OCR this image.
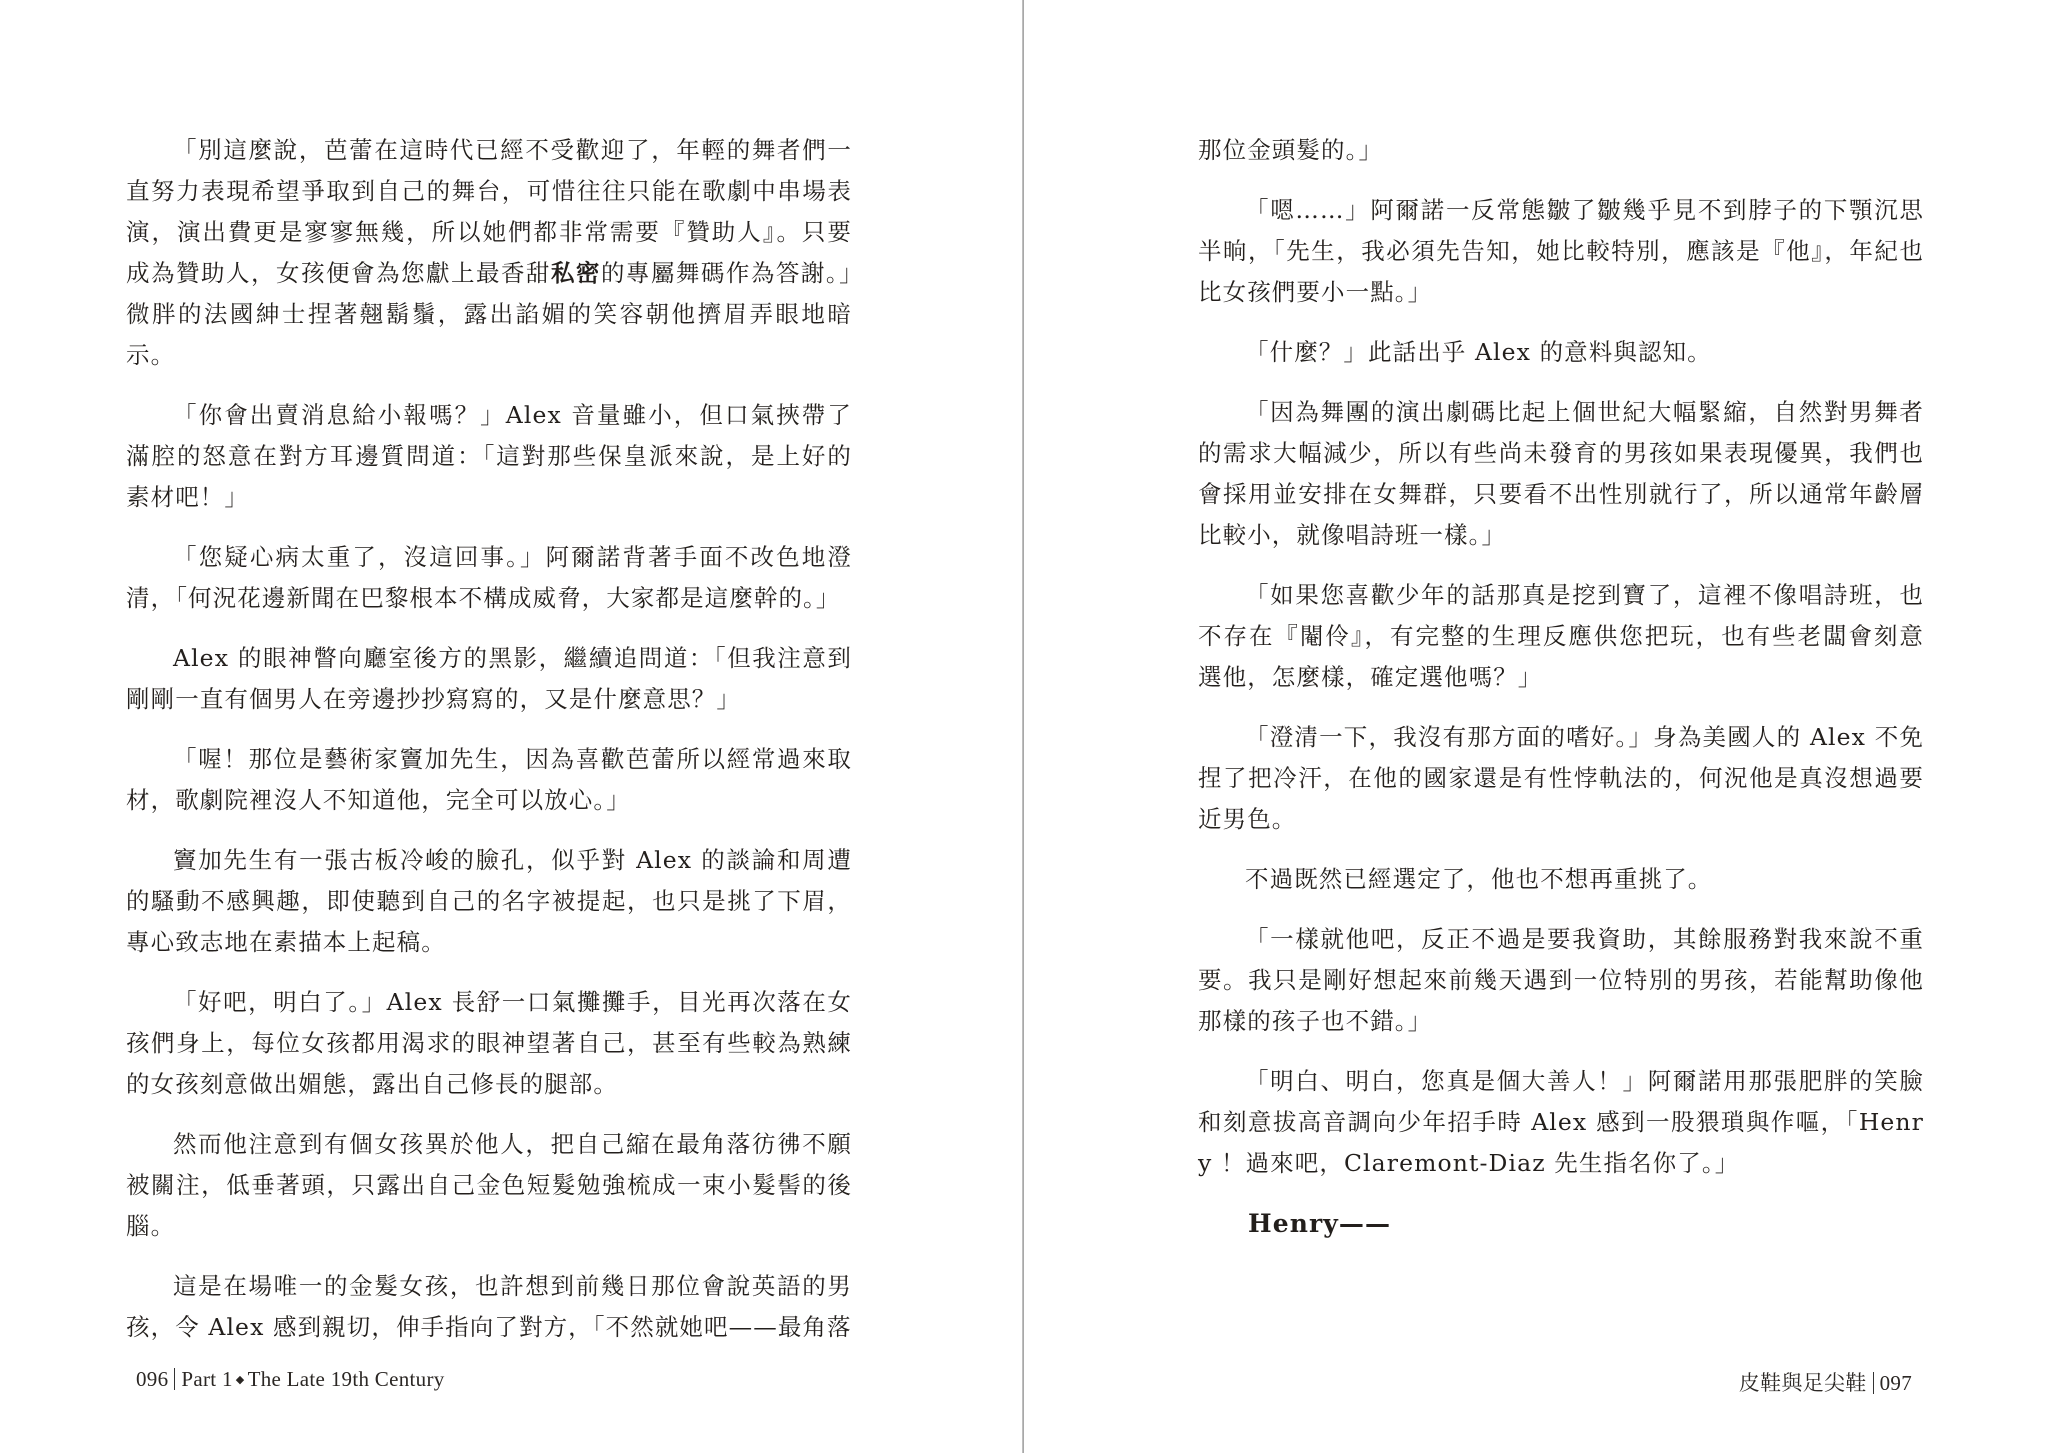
「別這麼說，芭蕾在這時代已經不受歡迎了，年輕的舞者們一直努力表現希望爭取到自己的舞台，可惜往往只能在歌劇中串場表演，演出費更是寥寥無幾，所以她們都非常需要『贊助人』。只要成為贊助人，女孩便會為您獻上最香甜私密的專屬舞碼作為答謝。」微胖的法國紳士捏著翹鬍鬚，露出諂媚的笑容朝他擠眉弄眼地暗示。

「你會出賣消息給小報嗎？」Alex 音量雖小，但口氣挾帶了滿腔的怒意在對方耳邊質問道：「這對那些保皇派來說，是上好的素材吧！」

「您疑心病太重了，沒這回事。」阿爾諾背著手面不改色地澄清，「何況花邊新聞在巴黎根本不構成威脅，大家都是這麼幹的。」

Alex 的眼神瞥向廳室後方的黑影，繼續追問道：「但我注意到剛剛一直有個男人在旁邊抄抄寫寫的，又是什麼意思？」

「喔！那位是藝術家竇加先生，因為喜歡芭蕾所以經常過來取材，歌劇院裡沒人不知道他，完全可以放心。」

竇加先生有一張古板冷峻的臉孔，似乎對 Alex 的談論和周遭的騷動不感興趣，即使聽到自己的名字被提起，也只是挑了下眉，專心致志地在素描本上起稿。

「好吧，明白了。」Alex 長舒一口氣攤攤手，目光再次落在女孩們身上，每位女孩都用渴求的眼神望著自己，甚至有些較為熟練的女孩刻意做出媚態，露出自己修長的腿部。

然而他注意到有個女孩異於他人，把自己縮在最角落彷彿不願被關注，低垂著頭，只露出自己金色短髮勉強梳成一束小髮髻的後腦。

這是在場唯一的金髮女孩，也許想到前幾日那位會說英語的男孩，令 Alex 感到親切，伸手指向了對方，「不然就她吧——最角落

那位金頭髮的。」

「嗯……」阿爾諾一反常態皺了皺幾乎見不到脖子的下顎沉思半晌，「先生，我必須先告知，她比較特別，應該是『他』，年紀也比女孩們要小一點。」

「什麼？」此話出乎 Alex 的意料與認知。

「因為舞團的演出劇碼比起上個世紀大幅緊縮，自然對男舞者的需求大幅減少，所以有些尚未發育的男孩如果表現優異，我們也會採用並安排在女舞群，只要看不出性別就行了，所以通常年齡層比較小，就像唱詩班一樣。」

「如果您喜歡少年的話那真是挖到寶了，這裡不像唱詩班，也不存在『閹伶』，有完整的生理反應供您把玩，也有些老闆會刻意選他，怎麼樣，確定選他嗎？」

「澄清一下，我沒有那方面的嗜好。」身為美國人的 Alex 不免捏了把冷汗，在他的國家還是有性悖軌法的，何況他是真沒想過要近男色。

不過既然已經選定了，他也不想再重挑了。

「一樣就他吧，反正不過是要我資助，其餘服務對我來說不重要。我只是剛好想起來前幾天遇到一位特別的男孩，若能幫助像他那樣的孩子也不錯。」

「明白、明白，您真是個大善人！」阿爾諾用那張肥胖的笑臉和刻意拔高音調向少年招手時 Alex 感到一股猥瑣與作嘔，「Henry ！過來吧，Claremont-Diaz 先生指名你了。」

Henry——

096 Part 1 ◆ The Late 19th Century	皮鞋與足尖鞋 097
